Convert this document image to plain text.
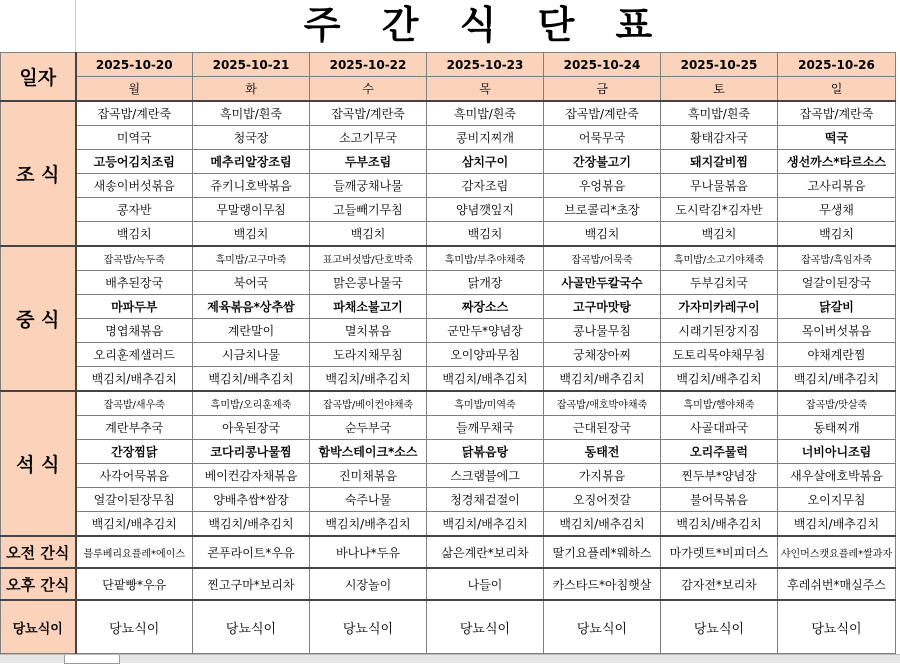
주 간 식 단 표
일자	2025-10-20	2025-10-21	2025-10-22	2025-10-23	2025-10-24	2025-10-25	2025-10-26
	월	화	수	목	금	토	일
조 식	잡곡밥/계란죽	흑미밥/흰죽	잡곡밥/계란죽	흑미밥/흰죽	잡곡밥/계란죽	흑미밥/흰죽	잡곡밥/계란죽
	미역국	청국장	소고기무국	콩비지찌개	어묵무국	황태감자국	떡국
	고등어김치조림	메추리알장조림	두부조림	삼치구이	간장불고기	돼지갈비찜	생선까스*타르소스
	새송이버섯볶음	쥬키니호박볶음	들깨궁채나물	감자조림	우엉볶음	무나물볶음	고사리볶음
	콩자반	무말랭이무침	고들빼기무침	양념깻잎지	브로콜리*초장	도시락김*김자반	무생채
	백김치	백김치	백김치	백김치	백김치	백김치	백김치
중 식	잡곡밥/녹두죽	흑미밥/고구마죽	표고버섯밥/단호박죽	흑미밥/부추야채죽	잡곡밥/어묵죽	흑미밥/소고기야채죽	잡곡밥/흑임자죽
	배추된장국	북어국	맑은콩나물국	닭개장	사골만두칼국수	두부김치국	얼갈이된장국
	마파두부	제육볶음*상추쌈	파채소불고기	짜장소스	고구마맛탕	가자미카레구이	닭갈비
	명엽채볶음	계란말이	멸치볶음	군만두*양념장	콩나물무침	시래기된장지짐	목이버섯볶음
	오리훈제샐러드	시금치나물	도라지채무침	오이양파무침	궁채장아찌	도토리묵야채무침	야채계란찜
	백김치/배추김치	백김치/배추김치	백김치/배추김치	백김치/배추김치	백김치/배추김치	백김치/배추김치	백김치/배추김치
석 식	잡곡밥/새우죽	흑미밥/오리훈제죽	잡곡밥/베이컨야채죽	흑미밥/미역죽	잡곡밥/애호박야채죽	흑미밥/햄야채죽	잡곡밥/맛살죽
	계란부추국	아욱된장국	순두부국	들깨무채국	근대된장국	사골대파국	동태찌개
	간장찜닭	코다리콩나물찜	함박스테이크*소스	닭볶음탕	동태전	오리주물럭	너비아니조림
	사각어묵볶음	베이컨감자채볶음	진미채볶음	스크램블에그	가지볶음	찐두부*양념장	새우살애호박볶음
	얼갈이된장무침	양배추쌈*쌈장	숙주나물	청경채겉절이	오징어젓갈	불어묵볶음	오이지무침
	백김치/배추김치	백김치/배추김치	백김치/배추김치	백김치/배추김치	백김치/배추김치	백김치/배추김치	백김치/배추김치
오전 간식	블루베리요플레*에이스	콘푸라이트*우유	바나나*두유	삶은계란*보리차	딸기요플레*웨하스	마가렛트*비피더스	샤인머스캣요플레*쌀과자
오후 간식	단팥빵*우유	찐고구마*보리차	시장놀이	나들이	카스타드*아침햇살	감자전*보리차	후레쉬번*매실주스
당뇨식이	당뇨식이	당뇨식이	당뇨식이	당뇨식이	당뇨식이	당뇨식이	당뇨식이
